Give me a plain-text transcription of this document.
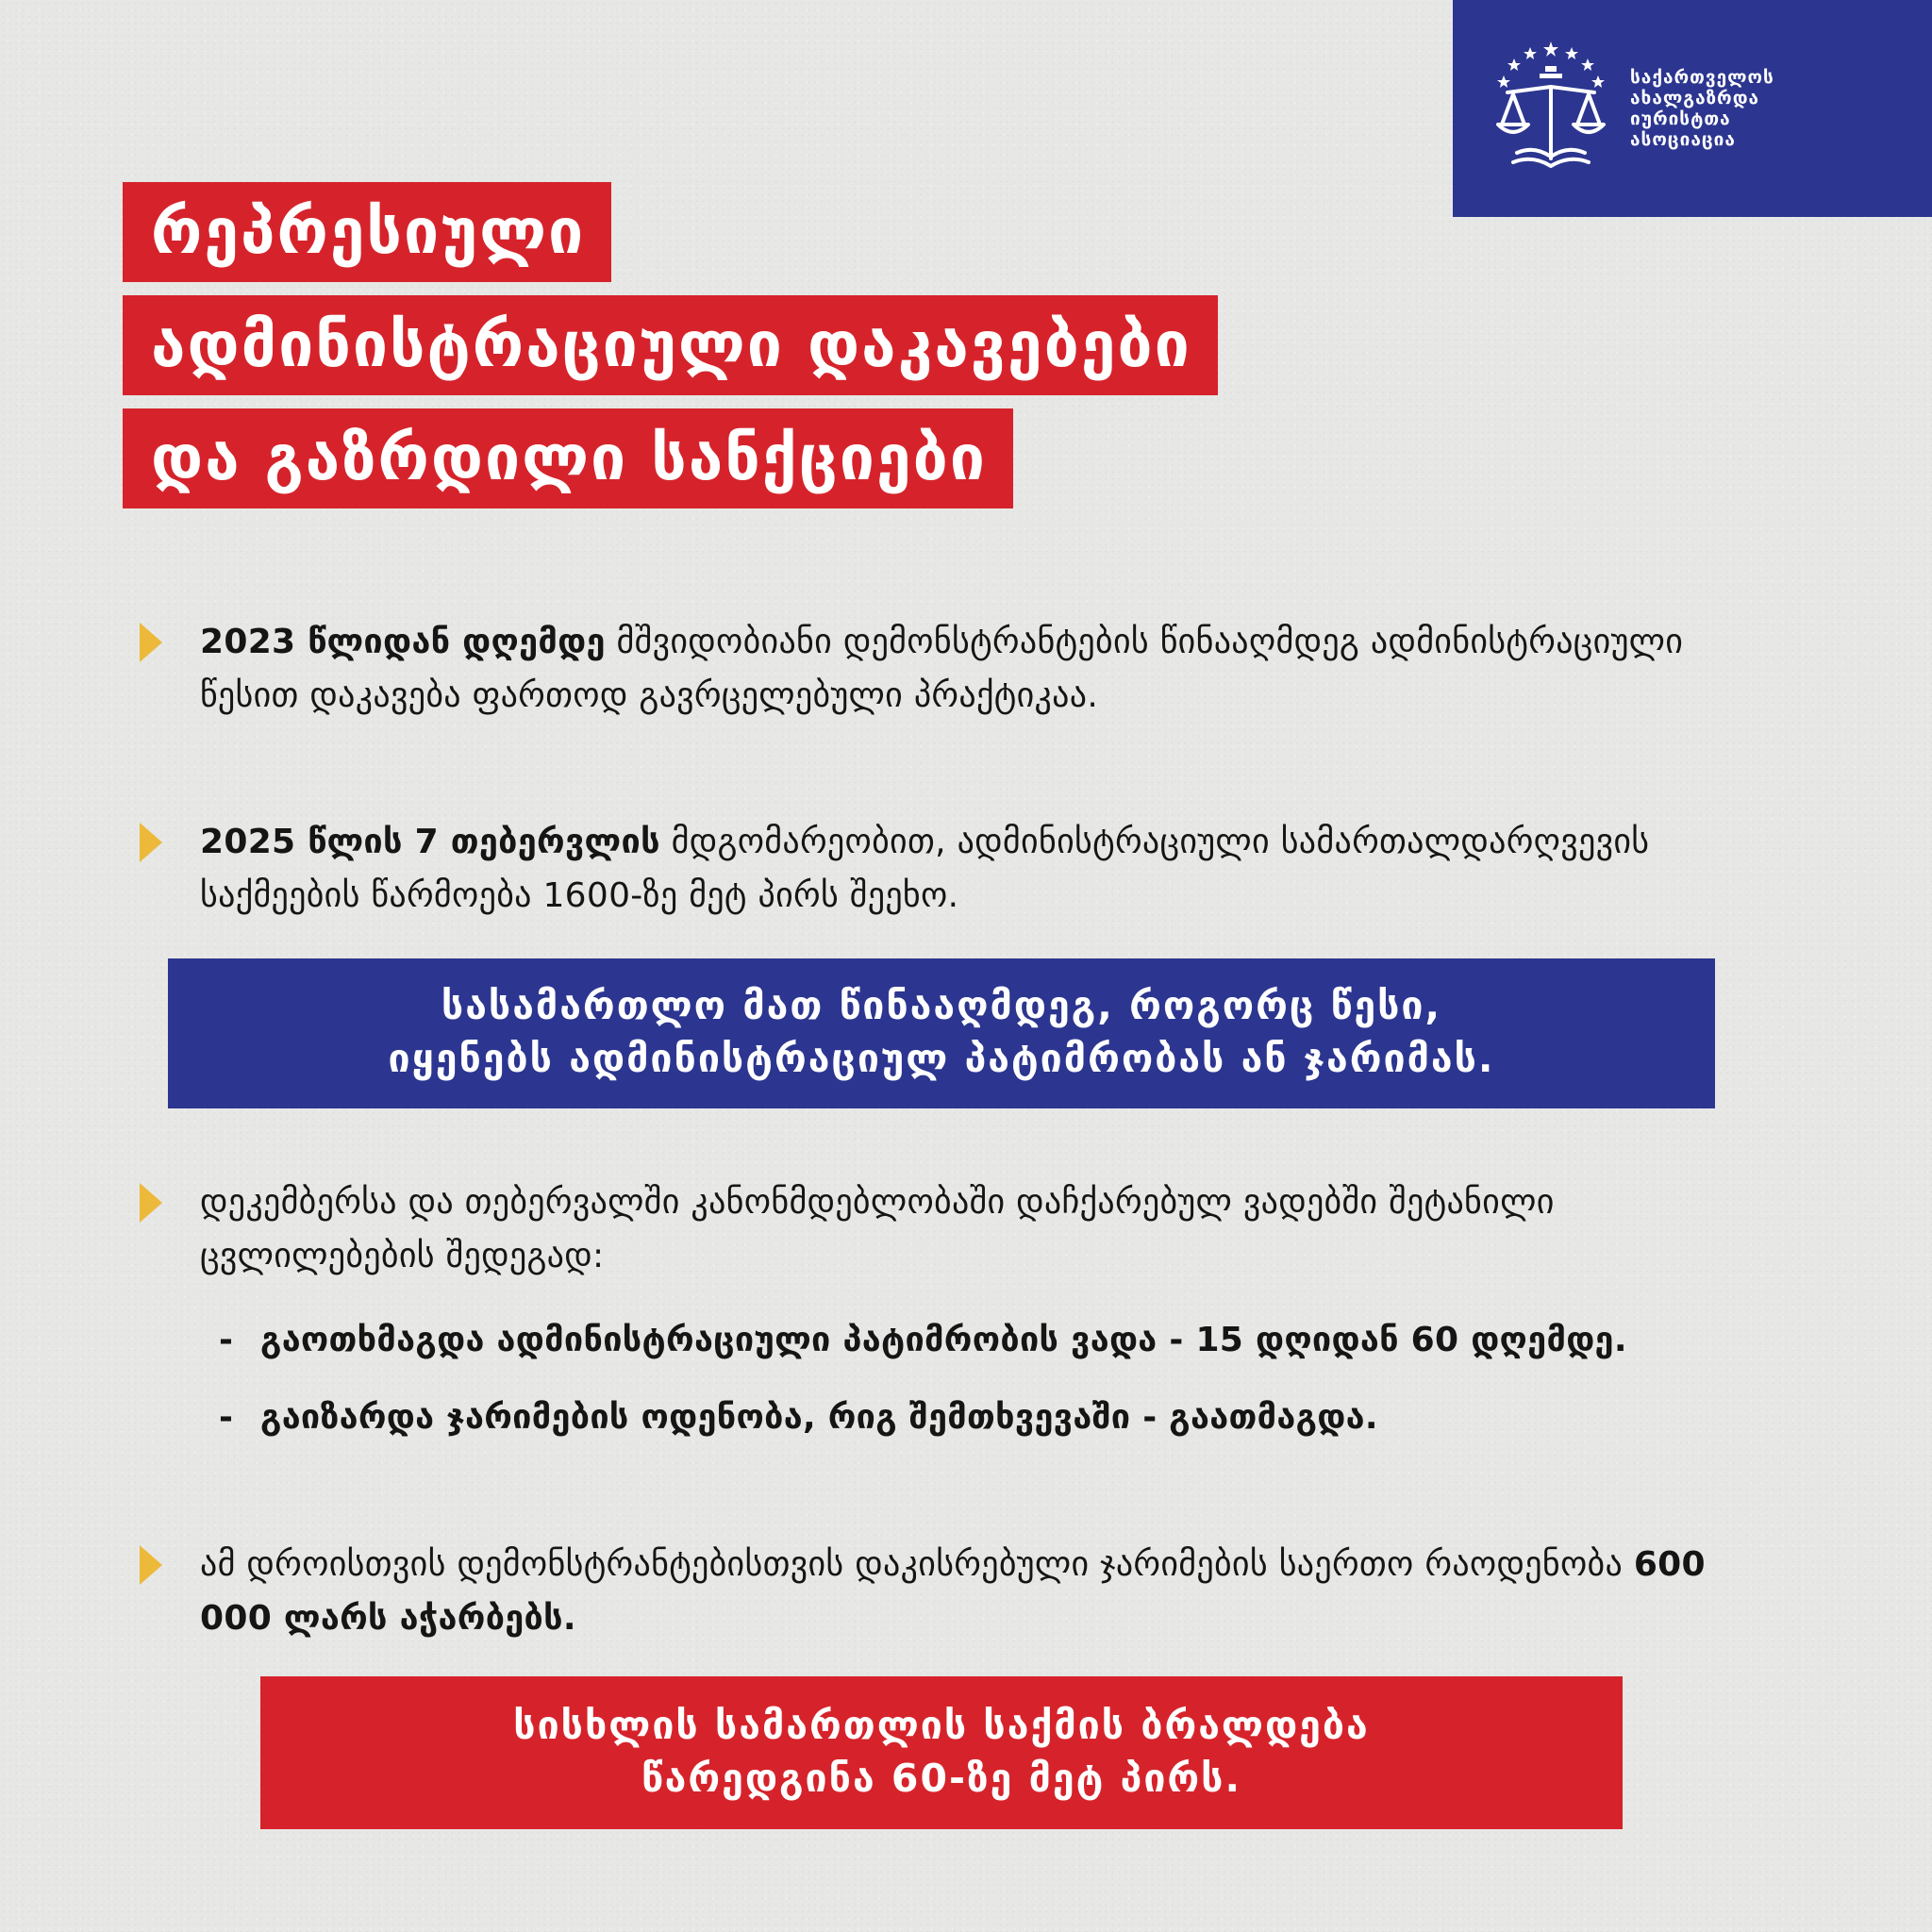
საქართველოს
ახალგაზრდა
იურისტთა
ასოციაცია
რეპრესიული
ადმინისტრაციული დაკავებები
და გაზრდილი სანქციები
2023 წლიდან დღემდე მშვიდობიანი დემონსტრანტების წინააღმდეგ ადმინისტრაციული წესით დაკავება ფართოდ გავრცელებული პრაქტიკაა.
2025 წლის 7 თებერვლის მდგომარეობით, ადმინისტრაციული სამართალდარღვევის საქმეების წარმოება 1600-ზე მეტ პირს შეეხო.
სასამართლო მათ წინააღმდეგ, როგორც წესი,
იყენებს ადმინისტრაციულ პატიმრობას ან ჯარიმას.
დეკემბერსა და თებერვალში კანონმდებლობაში დაჩქარებულ ვადებში შეტანილი ცვლილებების შედეგად:
- გაოთხმაგდა ადმინისტრაციული პატიმრობის ვადა - 15 დღიდან 60 დღემდე.
- გაიზარდა ჯარიმების ოდენობა, რიგ შემთხვევაში - გაათმაგდა.
ამ დროისთვის დემონსტრანტებისთვის დაკისრებული ჯარიმების საერთო რაოდენობა 600 000 ლარს აჭარბებს.
სისხლის სამართლის საქმის ბრალდება
წარედგინა 60-ზე მეტ პირს.
